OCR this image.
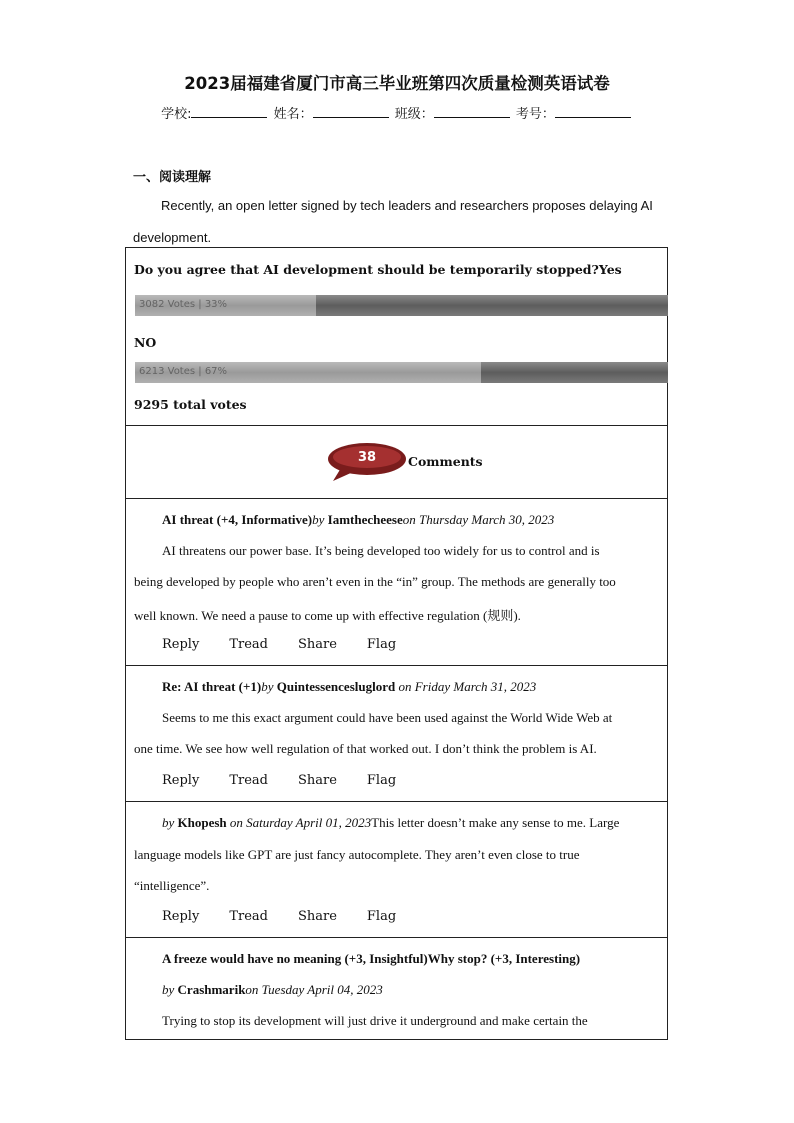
2023届福建省厦门市高三毕业班第四次质量检测英语试卷
学校:	姓名：	班级：	考号：
一、阅读理解
Recently, an open letter signed by tech leaders and researchers proposes delaying AI
development.
Do you agree that AI development should be temporarily stopped?Yes
3082 Votes | 33%
NO
6213 Votes | 67%
9295 total votes
38	Comments
AI threat (+4, Informative)by Iamthecheeseon Thursday March 30, 2023
AI threatens our power base. It’s being developed too widely for us to control and is
being developed by people who aren’t even in the “in” group. The methods are generally too
well known. We need a pause to come up with effective regulation (规则).
Reply Tread Share Flag
Re: AI threat (+1)by Quintessencesluglord on Friday March 31, 2023
Seems to me this exact argument could have been used against the World Wide Web at
one time. We see how well regulation of that worked out. I don’t think the problem is AI.
Reply Tread Share Flag
by Khopesh on Saturday April 01, 2023This letter doesn’t make any sense to me. Large
language models like GPT are just fancy autocomplete. They aren’t even close to true
“intelligence”.
Reply Tread Share Flag
A freeze would have no meaning (+3, Insightful)Why stop? (+3, Interesting)
by Crashmarikon Tuesday April 04, 2023
Trying to stop its development will just drive it underground and make certain the
